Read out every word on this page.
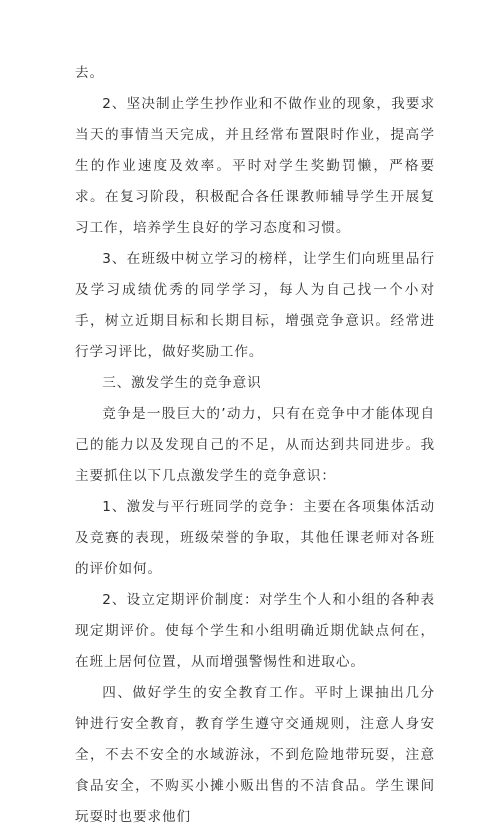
去。

2、坚决制止学生抄作业和不做作业的现象，我要求当天的事情当天完成，并且经常布置限时作业，提高学生的作业速度及效率。平时对学生奖勤罚懒，严格要求。在复习阶段，积极配合各任课教师辅导学生开展复习工作，培养学生良好的学习态度和习惯。

3、在班级中树立学习的榜样，让学生们向班里品行及学习成绩优秀的同学学习，每人为自己找一个小对手，树立近期目标和长期目标，增强竞争意识。经常进行学习评比，做好奖励工作。

三、激发学生的竞争意识

竞争是一股巨大的’动力，只有在竞争中才能体现自己的能力以及发现自己的不足，从而达到共同进步。我主要抓住以下几点激发学生的竞争意识：

1、激发与平行班同学的竞争：主要在各项集体活动及竞赛的表现，班级荣誉的争取，其他任课老师对各班的评价如何。

2、设立定期评价制度：对学生个人和小组的各种表现定期评价。使每个学生和小组明确近期优缺点何在，在班上居何位置，从而增强警惕性和进取心。

四、做好学生的安全教育工作。平时上课抽出几分钟进行安全教育，教育学生遵守交通规则，注意人身安全，不去不安全的水域游泳，不到危险地带玩耍，注意食品安全，不购买小摊小贩出售的不洁食品。学生课间玩耍时也要求他们
